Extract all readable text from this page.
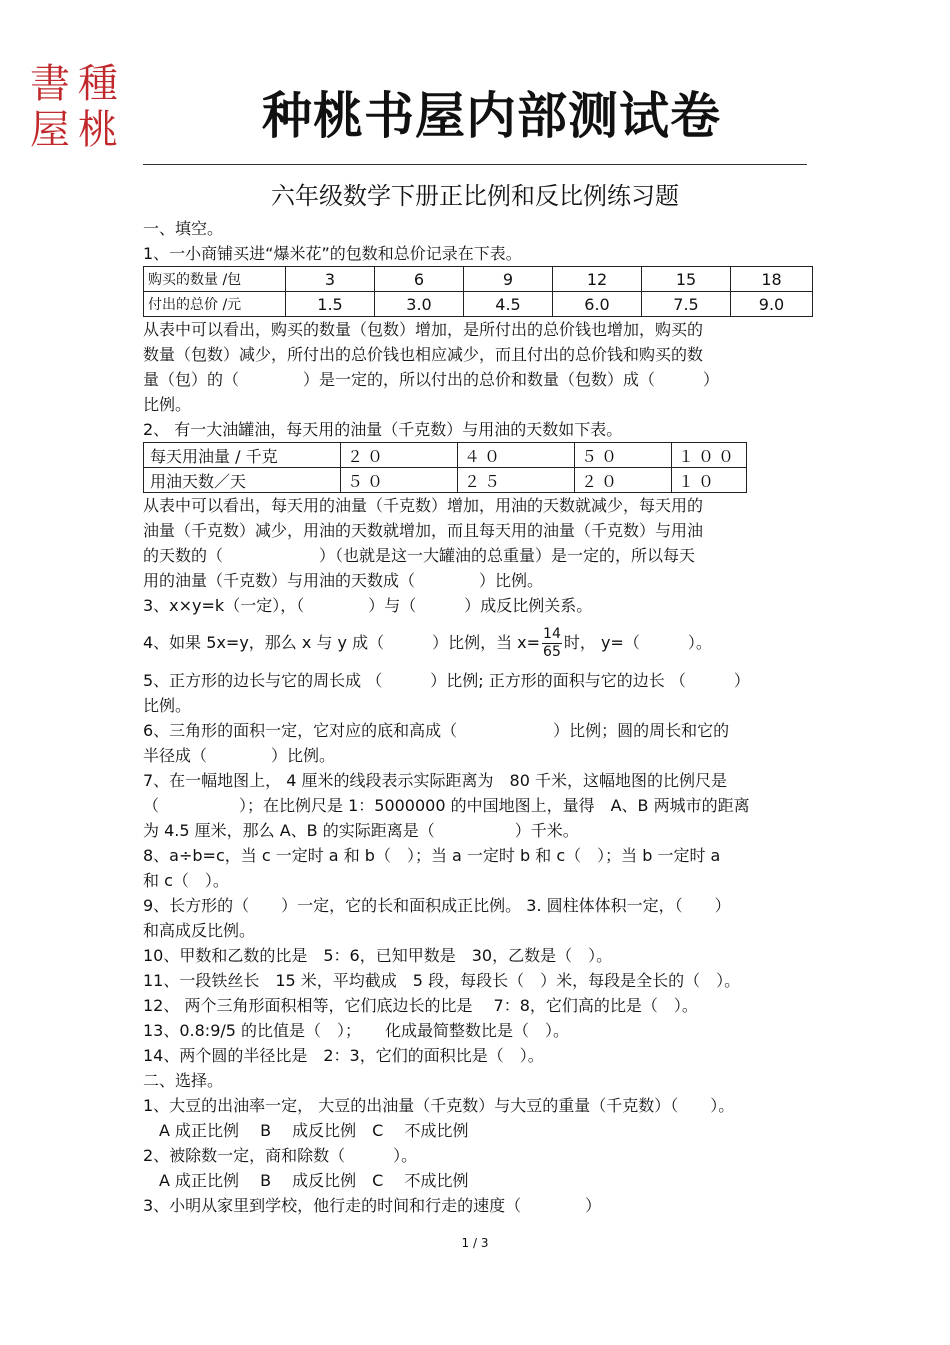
種
桃
書
屋	种桃书屋内部测试卷
六年级数学下册正比例和反比例练习题
一、填空。
1、一小商铺买进“爆米花”的包数和总价记录在下表。
购买的数量 /包	3	6	9	12	15	18
付出的总价 /元	1.5	3.0	4.5	6.0	7.5	9.0
从表中可以看出，购买的数量（包数）增加，是所付出的总价钱也增加，购买的
数量（包数）减少，所付出的总价钱也相应减少，而且付出的总价钱和购买的数
量（包）的（　　　　）是一定的，所以付出的总价和数量（包数）成（　　　）
比例。
2、 有一大油罐油，每天用的油量（千克数）与用油的天数如下表。
每天用油量 / 千克	２０	４０	５０	１００
用油天数／天	５０	２５	２０	１０
从表中可以看出，每天用的油量（千克数）增加，用油的天数就减少，每天用的
油量（千克数）减少，用油的天数就增加，而且每天用的油量（千克数）与用油
的天数的（　　　　　　）（也就是这一大罐油的总重量）是一定的，所以每天
用的油量（千克数）与用油的天数成（　　　　）比例。
3、x×y=k（一定），（　　　　）与（　　　）成反比例关系。
4、如果 5x=y，那么 x 与 y 成（　　　）比例，当 $x= \frac{14}{65}$ 时， y=（　　　）。
5、正方形的边长与它的周长成 （　　　）比例; 正方形的面积与它的边长 （　　　）
比例。
6、三角形的面积一定，它对应的底和高成（　　　　　　）比例；圆的周长和它的
半径成（　　　　）比例。
7、在一幅地图上， 4 厘米的线段表示实际距离为　80 千米，这幅地图的比例尺是
（　　　　　）；在比例尺是 1：5000000 的中国地图上，量得　A、B 两城市的距离
为 4.5 厘米，那么 A、B 的实际距离是（　　　　　）千米。
8、a÷b=c，当 c 一定时 a 和 b（　）；当 a 一定时 b 和 c（　）；当 b 一定时 a
和 c（　）。
9、长方形的（　　）一定，它的长和面积成正比例。 3. 圆柱体体积一定，（　　）
和高成反比例。
10、甲数和乙数的比是　5：6，已知甲数是　30，乙数是（　）。
11、一段铁丝长　15 米，平均截成　5 段，每段长（　）米，每段是全长的（　）。
12、 两个三角形面积相等，它们底边长的比是　 7：8，它们高的比是（　）。
13、0.8:9/5 的比值是（　）；　　化成最简整数比是（　）。
14、两个圆的半径比是　2：3，它们的面积比是（　）。
二、选择。
1、大豆的出油率一定， 大豆的出油量（千克数）与大豆的重量（千克数）（　　）。
　A 成正比例　 B　 成反比例　C　 不成比例
2、被除数一定，商和除数（　　　）。
　A 成正比例　 B　 成反比例　C　 不成比例
3、小明从家里到学校，他行走的时间和行走的速度（　　　　）
1 / 3
